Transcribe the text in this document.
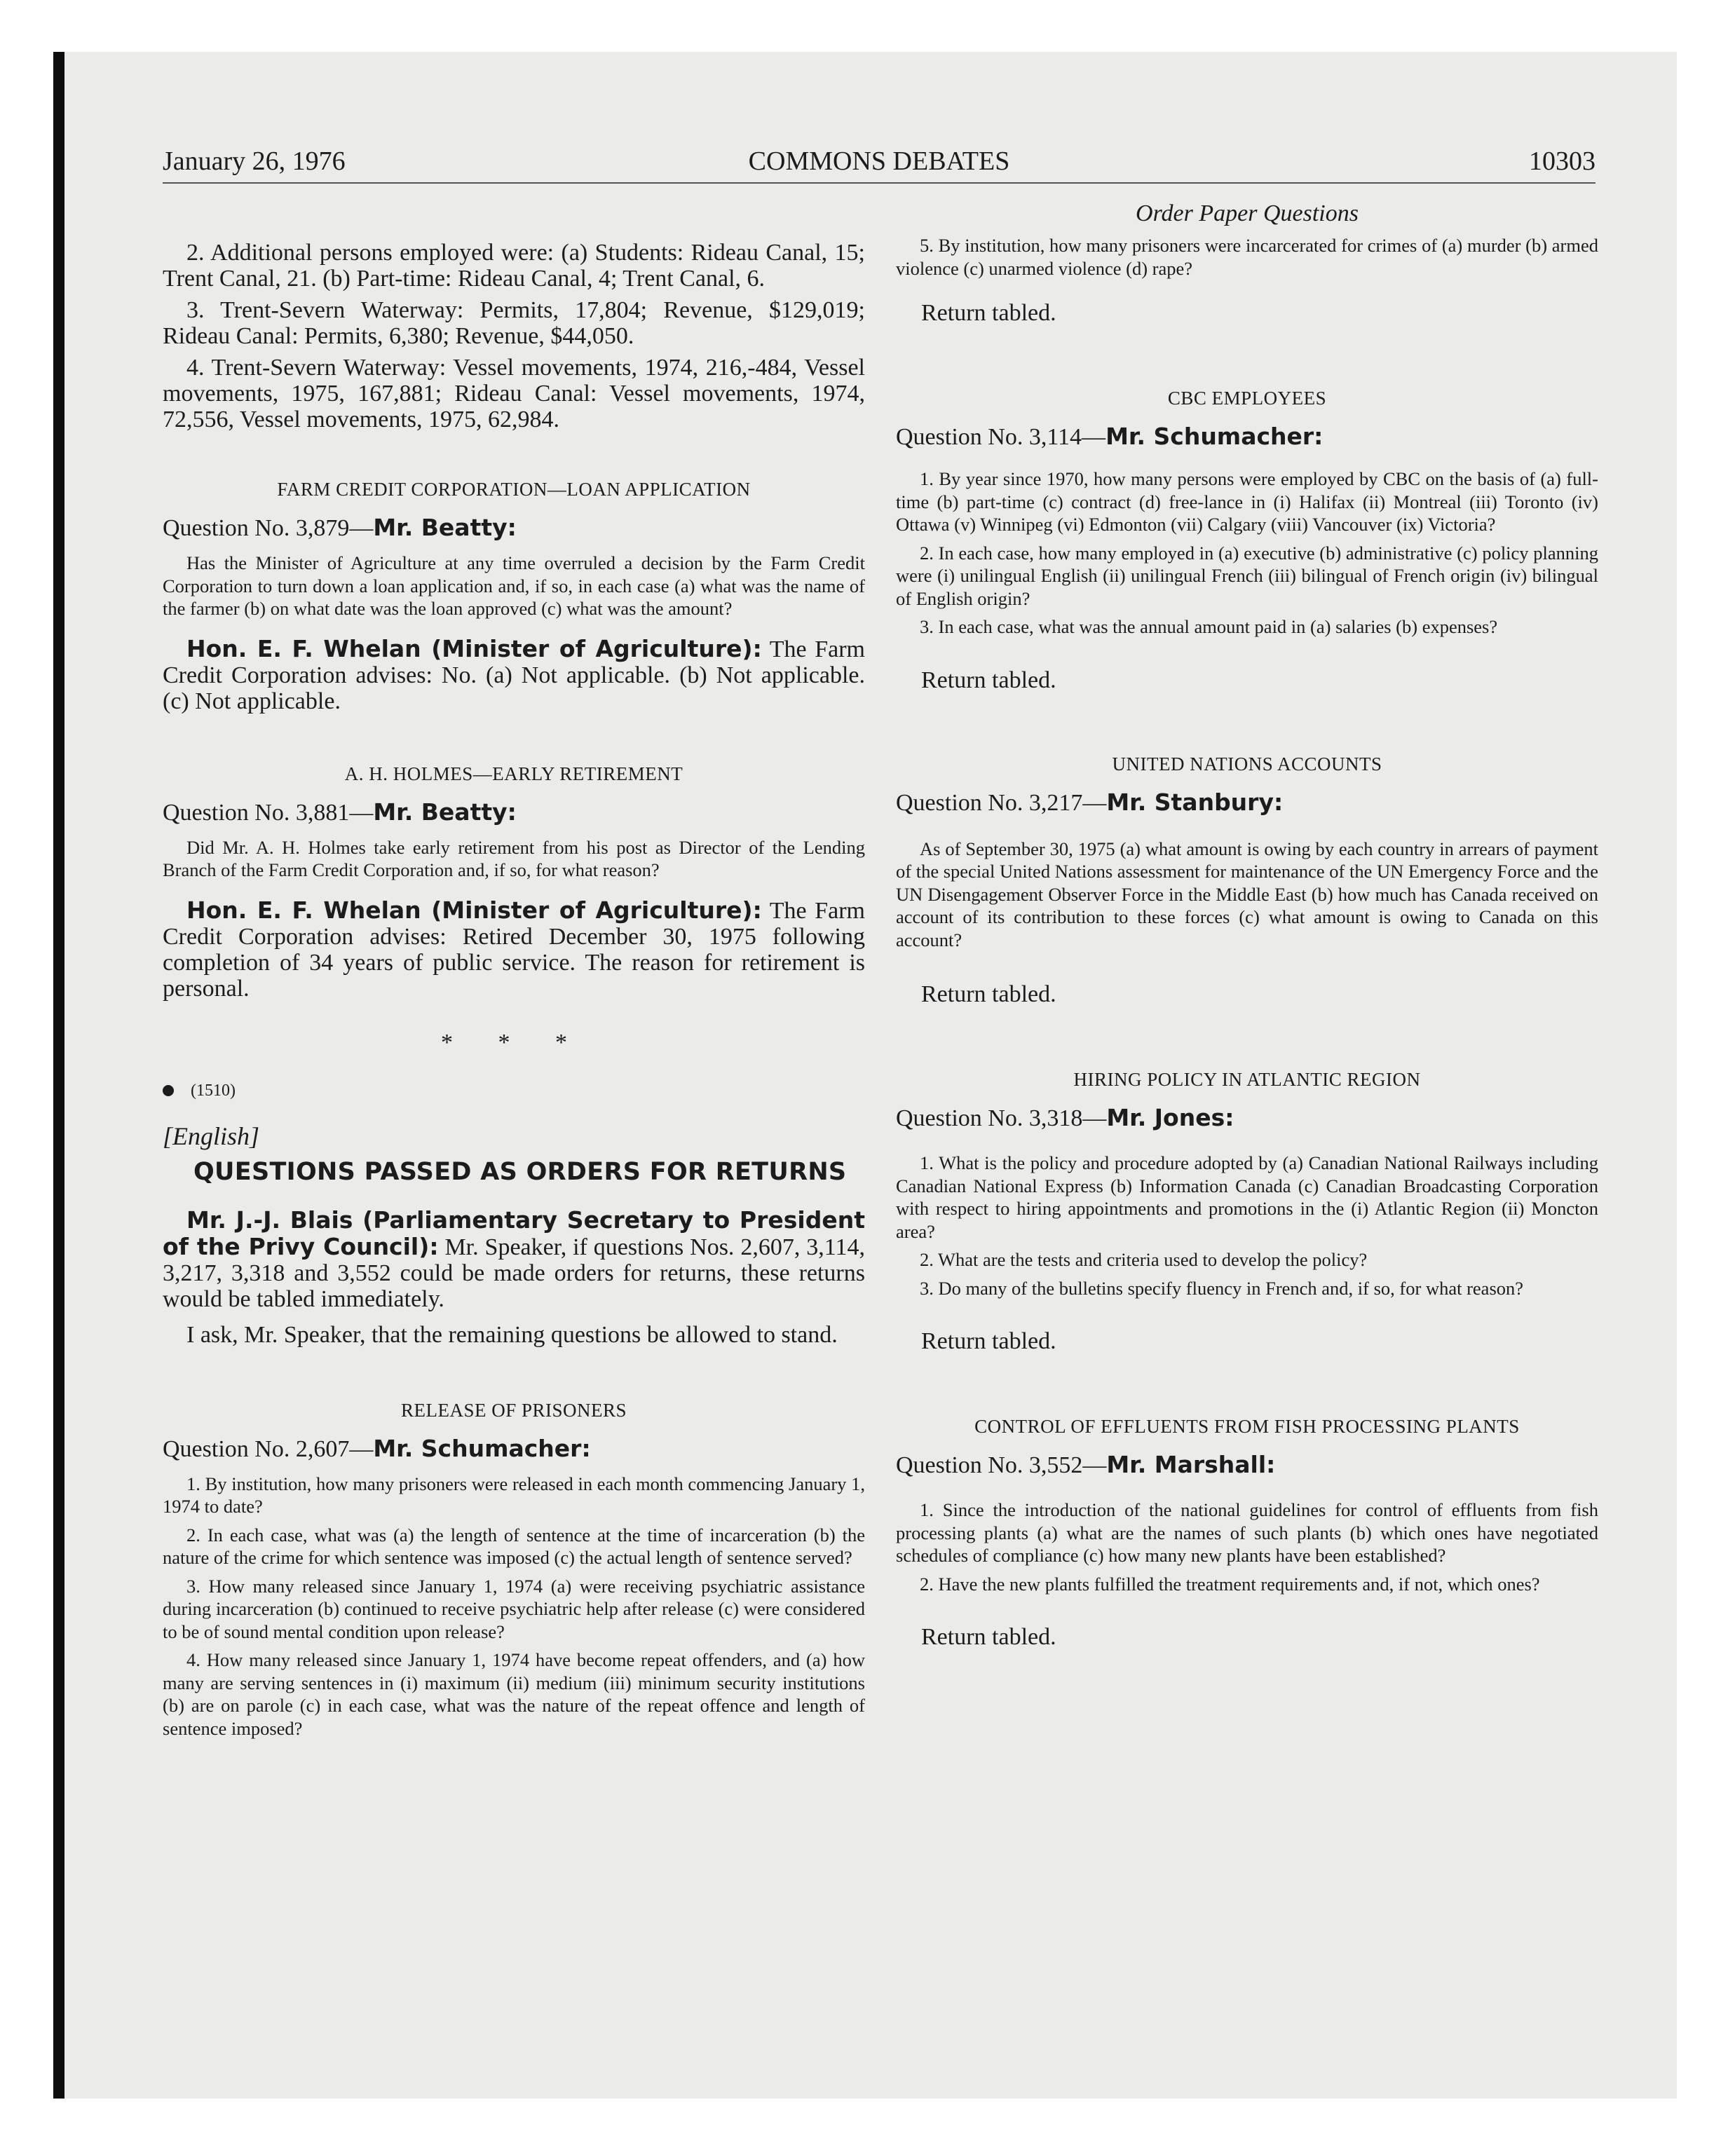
January 26, 1976	COMMONS DEBATES	10303

2. Additional persons employed were: (a) Students: Rideau Canal, 15; Trent Canal, 21. (b) Part-time: Rideau Canal, 4; Trent Canal, 6.

3. Trent-Severn Waterway: Permits, 17,804; Revenue, $129,019; Rideau Canal: Permits, 6,380; Revenue, $44,050.

4. Trent-Severn Waterway: Vessel movements, 1974, 216,-484, Vessel movements, 1975, 167,881; Rideau Canal: Vessel movements, 1974, 72,556, Vessel movements, 1975, 62,984.

FARM CREDIT CORPORATION—LOAN APPLICATION
Question No. 3,879—Mr. Beatty:

Has the Minister of Agriculture at any time overruled a decision by the Farm Credit Corporation to turn down a loan application and, if so, in each case (a) what was the name of the farmer (b) on what date was the loan approved (c) what was the amount?

Hon. E. F. Whelan (Minister of Agriculture): The Farm Credit Corporation advises: No. (a) Not applicable. (b) Not applicable. (c) Not applicable.

A. H. HOLMES—EARLY RETIREMENT
Question No. 3,881—Mr. Beatty:

Did Mr. A. H. Holmes take early retirement from his post as Director of the Lending Branch of the Farm Credit Corporation and, if so, for what reason?

Hon. E. F. Whelan (Minister of Agriculture): The Farm Credit Corporation advises: Retired December 30, 1975 following completion of 34 years of public service. The reason for retirement is personal.

* * *
(1510)
[English]
QUESTIONS PASSED AS ORDERS FOR RETURNS

Mr. J.-J. Blais (Parliamentary Secretary to President of the Privy Council): Mr. Speaker, if questions Nos. 2,607, 3,114, 3,217, 3,318 and 3,552 could be made orders for returns, these returns would be tabled immediately.

I ask, Mr. Speaker, that the remaining questions be allowed to stand.

RELEASE OF PRISONERS
Question No. 2,607—Mr. Schumacher:

1. By institution, how many prisoners were released in each month commencing January 1, 1974 to date?

2. In each case, what was (a) the length of sentence at the time of incarceration (b) the nature of the crime for which sentence was imposed (c) the actual length of sentence served?

3. How many released since January 1, 1974 (a) were receiving psychiatric assistance during incarceration (b) continued to receive psychiatric help after release (c) were considered to be of sound mental condition upon release?

4. How many released since January 1, 1974 have become repeat offenders, and (a) how many are serving sentences in (i) maximum (ii) medium (iii) minimum security institutions (b) are on parole (c) in each case, what was the nature of the repeat offence and length of sentence imposed?

Order Paper Questions

5. By institution, how many prisoners were incarcerated for crimes of (a) murder (b) armed violence (c) unarmed violence (d) rape?

Return tabled.
CBC EMPLOYEES
Question No. 3,114—Mr. Schumacher:

1. By year since 1970, how many persons were employed by CBC on the basis of (a) full-time (b) part-time (c) contract (d) free-lance in (i) Halifax (ii) Montreal (iii) Toronto (iv) Ottawa (v) Winnipeg (vi) Edmonton (vii) Calgary (viii) Vancouver (ix) Victoria?

2. In each case, how many employed in (a) executive (b) administrative (c) policy planning were (i) unilingual English (ii) unilingual French (iii) bilingual of French origin (iv) bilingual of English origin?

3. In each case, what was the annual amount paid in (a) salaries (b) expenses?

Return tabled.
UNITED NATIONS ACCOUNTS
Question No. 3,217—Mr. Stanbury:

As of September 30, 1975 (a) what amount is owing by each country in arrears of payment of the special United Nations assessment for maintenance of the UN Emergency Force and the UN Disengagement Observer Force in the Middle East (b) how much has Canada received on account of its contribution to these forces (c) what amount is owing to Canada on this account?

Return tabled.
HIRING POLICY IN ATLANTIC REGION
Question No. 3,318—Mr. Jones:

1. What is the policy and procedure adopted by (a) Canadian National Railways including Canadian National Express (b) Information Canada (c) Canadian Broadcasting Corporation with respect to hiring appointments and promotions in the (i) Atlantic Region (ii) Moncton area?

2. What are the tests and criteria used to develop the policy?

3. Do many of the bulletins specify fluency in French and, if so, for what reason?

Return tabled.
CONTROL OF EFFLUENTS FROM FISH PROCESSING PLANTS
Question No. 3,552—Mr. Marshall:

1. Since the introduction of the national guidelines for control of effluents from fish processing plants (a) what are the names of such plants (b) which ones have negotiated schedules of compliance (c) how many new plants have been established?

2. Have the new plants fulfilled the treatment requirements and, if not, which ones?

Return tabled.
